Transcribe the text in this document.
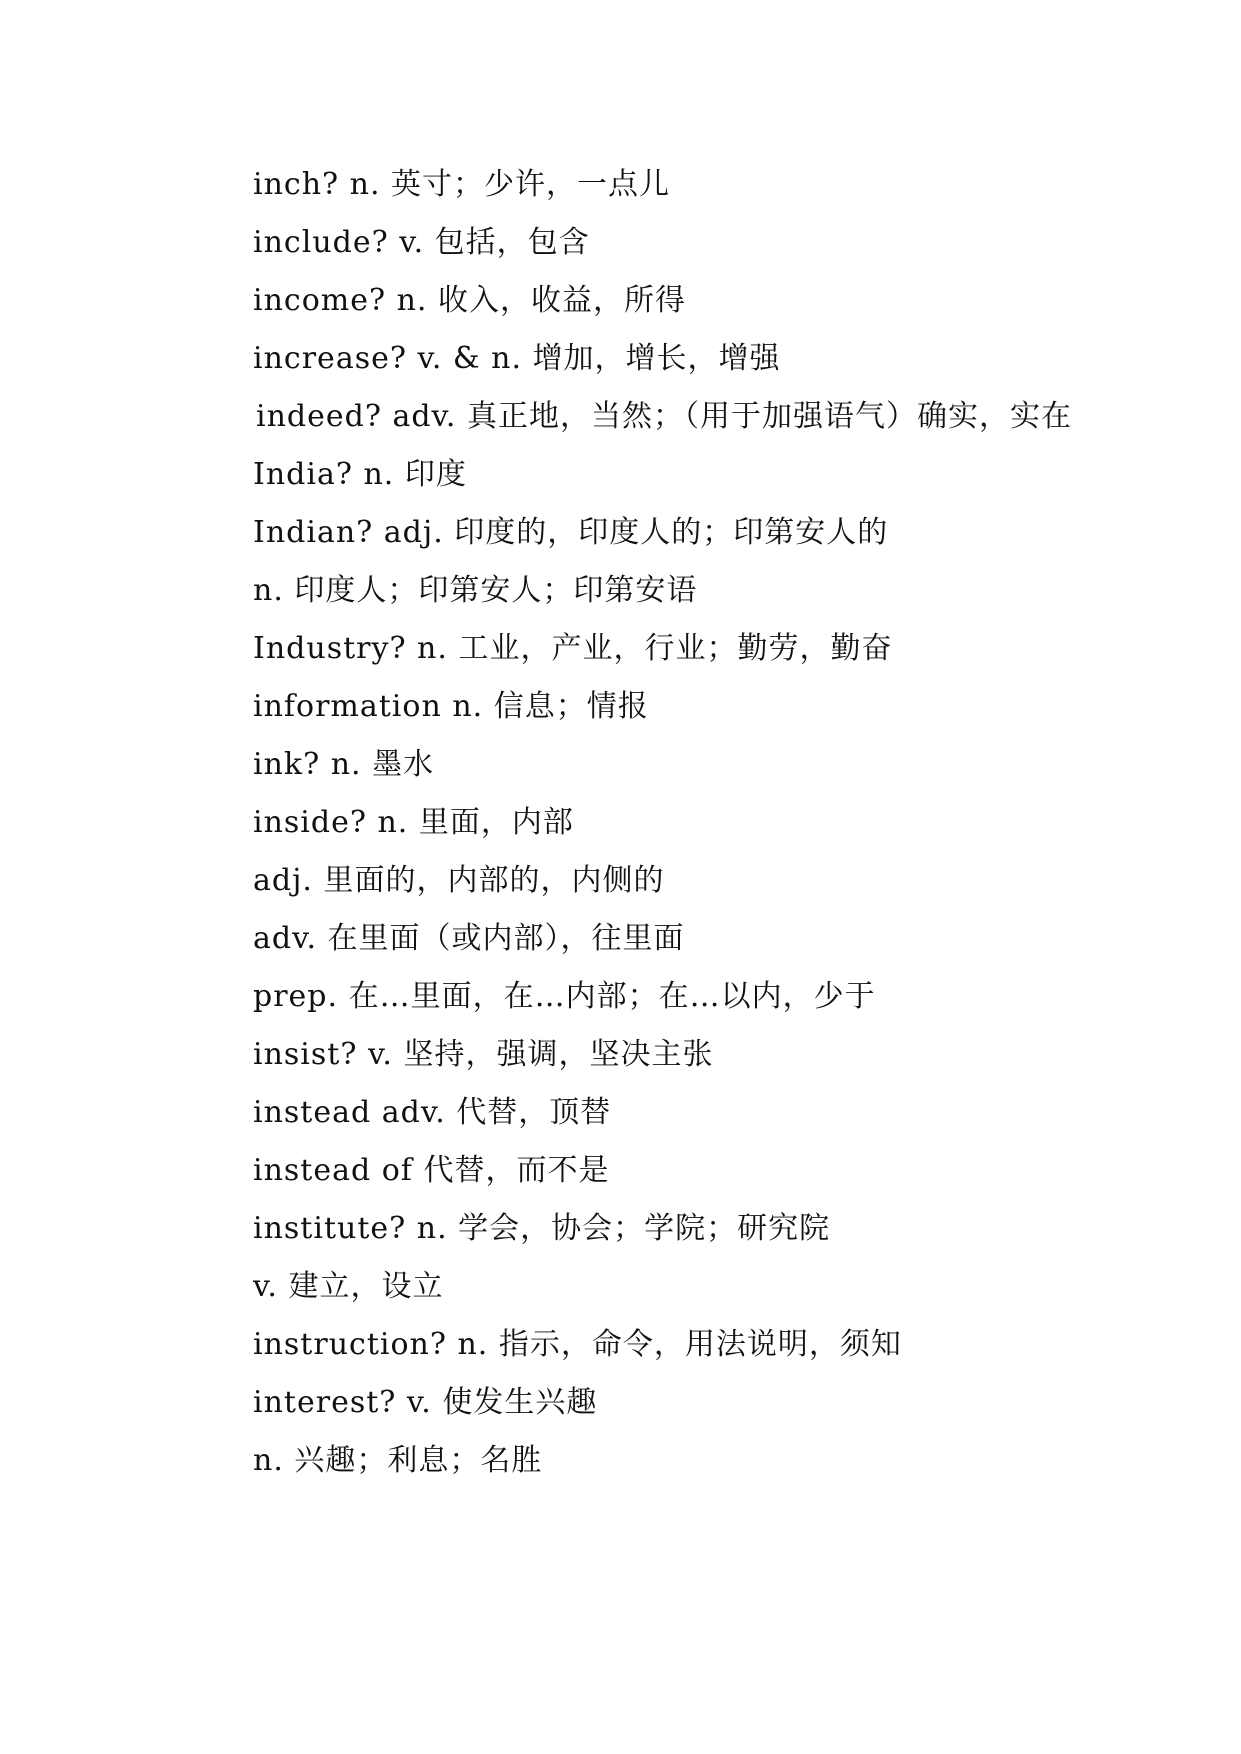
inch? n. 英寸；少许，一点儿
include? v. 包括，包含
income? n. 收入，收益，所得
increase? v. & n. 增加，增长，增强
indeed? adv. 真正地，当然；（用于加强语气）确实，实在
India? n. 印度
Indian? adj. 印度的，印度人的；印第安人的
n. 印度人；印第安人；印第安语
Industry? n. 工业，产业，行业；勤劳，勤奋
information n. 信息；情报
ink? n. 墨水
inside? n. 里面，内部
adj. 里面的，内部的，内侧的
adv. 在里面（或内部），往里面
prep. 在…里面，在…内部；在…以内，少于
insist? v. 坚持，强调，坚决主张
instead adv. 代替，顶替
instead of 代替，而不是
institute? n. 学会，协会；学院；研究院
v. 建立，设立
instruction? n. 指示，命令，用法说明，须知
interest? v. 使发生兴趣
n. 兴趣；利息；名胜
